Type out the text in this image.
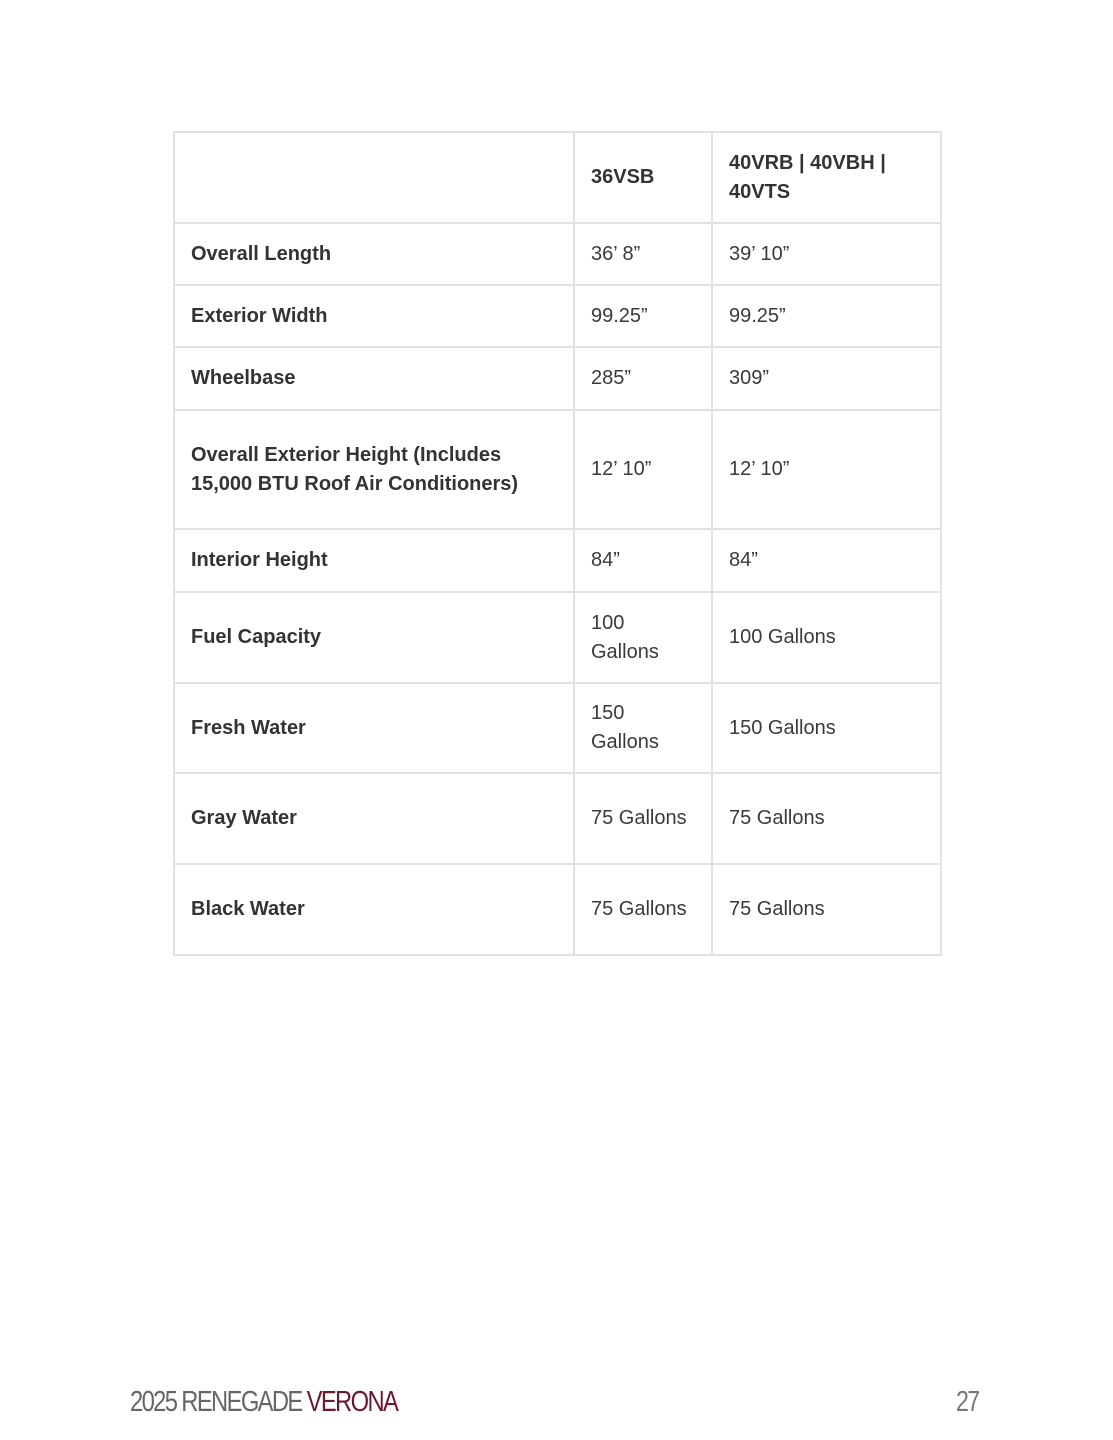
	36VSB	40VRB | 40VBH | 40VTS
Overall Length	36’ 8”	39’ 10”
Exterior Width	99.25”	99.25”
Wheelbase	285”	309”
Overall Exterior Height (Includes 15,000 BTU Roof Air Conditioners)	12’ 10”	12’ 10”
Interior Height	84”	84”
Fuel Capacity	100 Gallons	100 Gallons
Fresh Water	150 Gallons	150 Gallons
Gray Water	75 Gallons	75 Gallons
Black Water	75 Gallons	75 Gallons
2025 RENEGADE VERONA	27
